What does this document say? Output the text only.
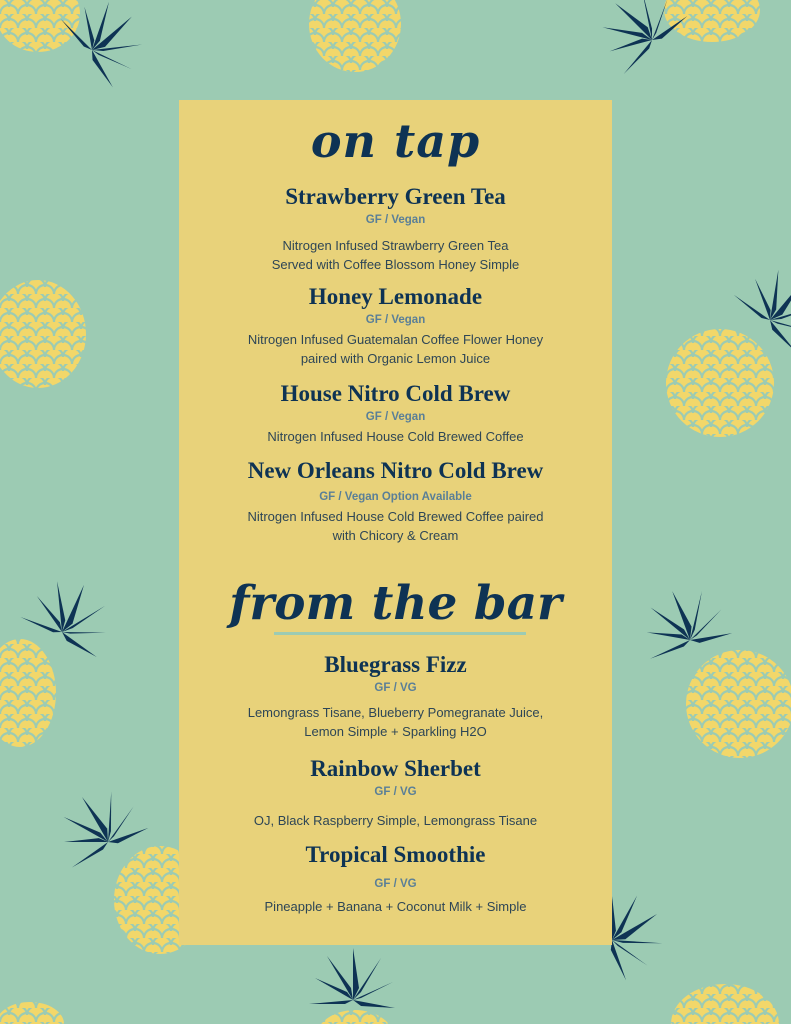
on tap
Strawberry Green Tea
GF / Vegan
Nitrogen Infused Strawberry Green Tea
Served with Coffee Blossom Honey Simple
Honey Lemonade
GF / Vegan
Nitrogen Infused Guatemalan Coffee Flower Honey
paired with Organic Lemon Juice
House Nitro Cold Brew
GF / Vegan
Nitrogen Infused House Cold Brewed Coffee
New Orleans Nitro Cold Brew
GF / Vegan Option Available
Nitrogen Infused House Cold Brewed Coffee paired
with Chicory & Cream
from the bar
Bluegrass Fizz
GF / VG
Lemongrass Tisane, Blueberry Pomegranate Juice,
Lemon Simple + Sparkling H2O
Rainbow Sherbet
GF / VG
OJ, Black Raspberry Simple, Lemongrass Tisane
Tropical Smoothie
GF / VG
Pineapple + Banana + Coconut Milk + Simple
